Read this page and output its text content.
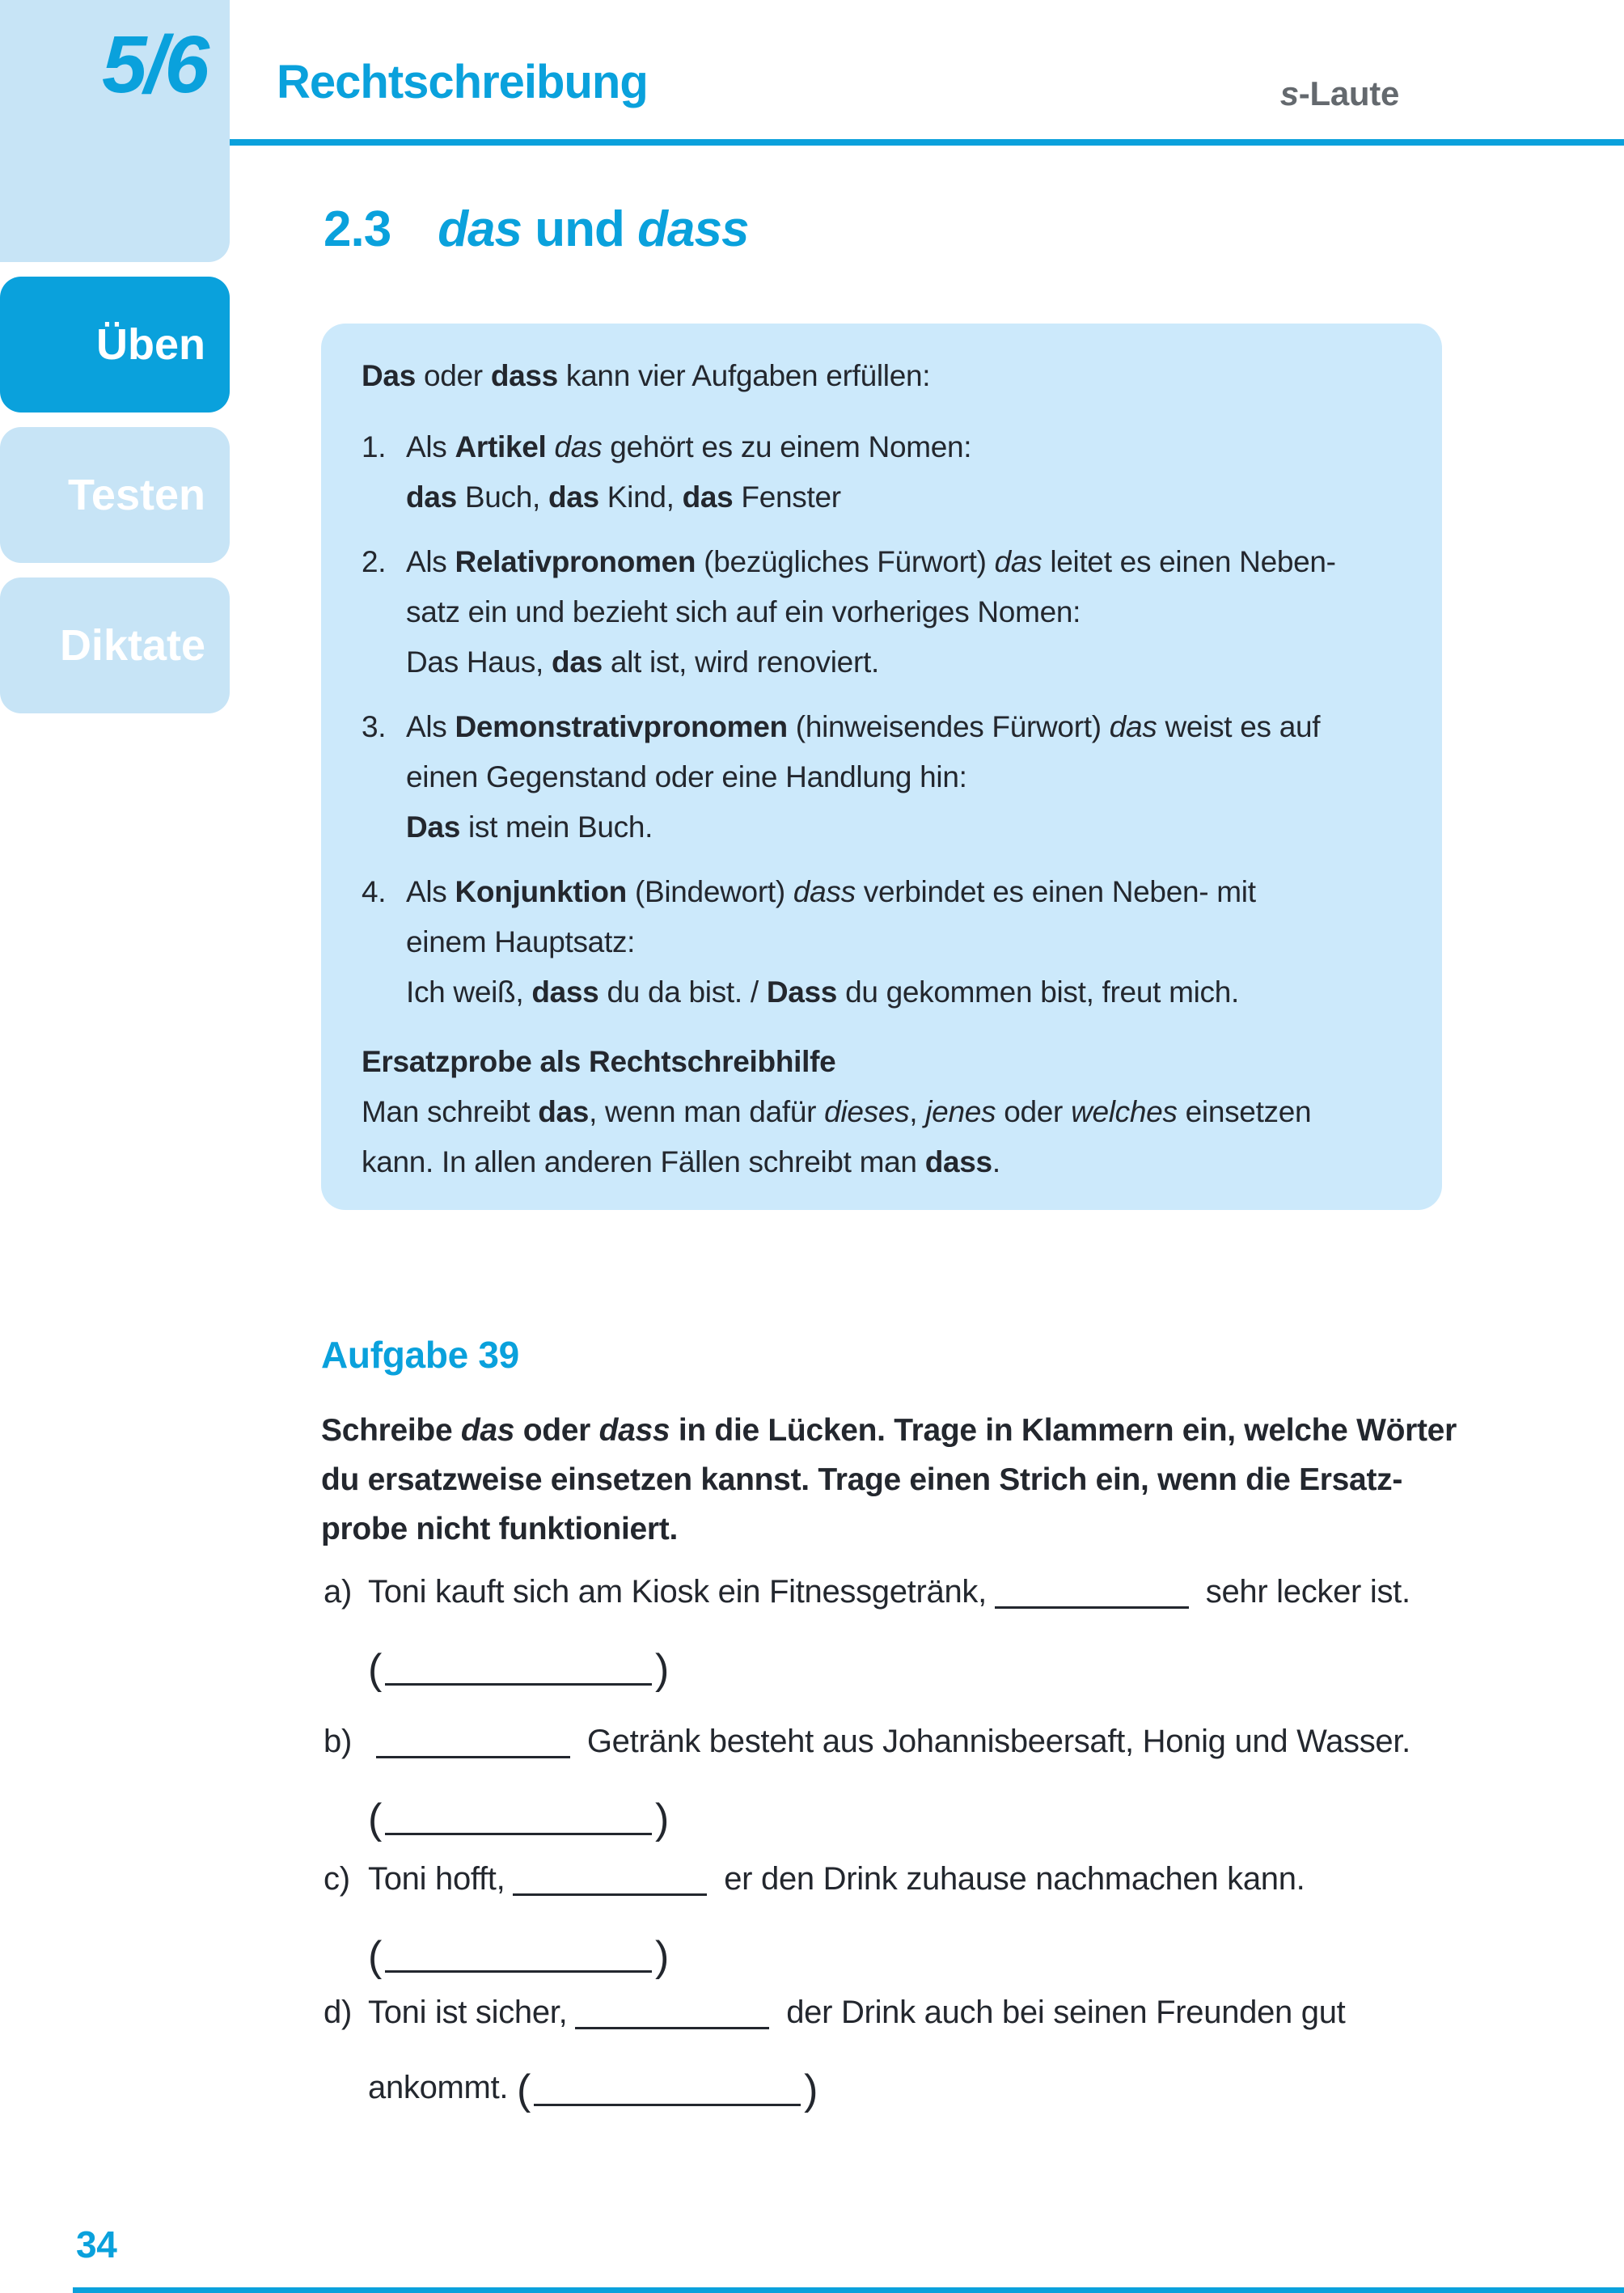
5/6 Rechtschreibung	s-Laute
Üben
Testen
Diktate
2.3 das und dass
Das oder dass kann vier Aufgaben erfüllen:
1. Als Artikel das gehört es zu einem Nomen:
das Buch, das Kind, das Fenster
2. Als Relativpronomen (bezügliches Fürwort) das leitet es einen Neben-
satz ein und bezieht sich auf ein vorheriges Nomen:
Das Haus, das alt ist, wird renoviert.
3. Als Demonstrativpronomen (hinweisendes Fürwort) das weist es auf
einen Gegenstand oder eine Handlung hin:
Das ist mein Buch.
4. Als Konjunktion (Bindewort) dass verbindet es einen Neben- mit
einem Hauptsatz:
Ich weiß, dass du da bist. / Dass du gekommen bist, freut mich.
Ersatzprobe als Rechtschreibhilfe
Man schreibt das, wenn man dafür dieses, jenes oder welches einsetzen
kann. In allen anderen Fällen schreibt man dass.
Aufgabe 39
Schreibe das oder dass in die Lücken. Trage in Klammern ein, welche Wörter
du ersatzweise einsetzen kannst. Trage einen Strich ein, wenn die Ersatz-
probe nicht funktioniert.
a) Toni kauft sich am Kiosk ein Fitnessgetränk,	sehr lecker ist.
(	)
b)	Getränk besteht aus Johannisbeersaft, Honig und Wasser.
(	)
c) Toni hofft,	er den Drink zuhause nachmachen kann.
(	)
d) Toni ist sicher,	der Drink auch bei seinen Freunden gut
ankommt. (	)
34
